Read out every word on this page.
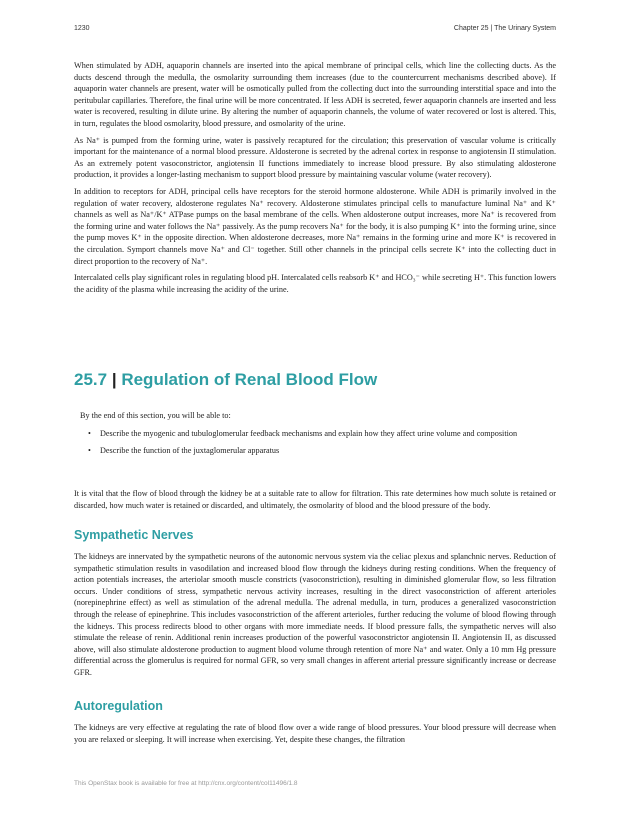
1230	Chapter 25 | The Urinary System

When stimulated by ADH, aquaporin channels are inserted into the apical membrane of principal cells, which line the collecting ducts. As the ducts descend through the medulla, the osmolarity surrounding them increases (due to the countercurrent mechanisms described above). If aquaporin water channels are present, water will be osmotically pulled from the collecting duct into the surrounding interstitial space and into the peritubular capillaries. Therefore, the final urine will be more concentrated. If less ADH is secreted, fewer aquaporin channels are inserted and less water is recovered, resulting in dilute urine. By altering the number of aquaporin channels, the volume of water recovered or lost is altered. This, in turn, regulates the blood osmolarity, blood pressure, and osmolarity of the urine.

As Na⁺ is pumped from the forming urine, water is passively recaptured for the circulation; this preservation of vascular volume is critically important for the maintenance of a normal blood pressure. Aldosterone is secreted by the adrenal cortex in response to angiotensin II stimulation. As an extremely potent vasoconstrictor, angiotensin II functions immediately to increase blood pressure. By also stimulating aldosterone production, it provides a longer-lasting mechanism to support blood pressure by maintaining vascular volume (water recovery).

In addition to receptors for ADH, principal cells have receptors for the steroid hormone aldosterone. While ADH is primarily involved in the regulation of water recovery, aldosterone regulates Na⁺ recovery. Aldosterone stimulates principal cells to manufacture luminal Na⁺ and K⁺ channels as well as Na⁺/K⁺ ATPase pumps on the basal membrane of the cells. When aldosterone output increases, more Na⁺ is recovered from the forming urine and water follows the Na⁺ passively. As the pump recovers Na⁺ for the body, it is also pumping K⁺ into the forming urine, since the pump moves K⁺ in the opposite direction. When aldosterone decreases, more Na⁺ remains in the forming urine and more K⁺ is recovered in the circulation. Symport channels move Na⁺ and Cl⁻ together. Still other channels in the principal cells secrete K⁺ into the collecting duct in direct proportion to the recovery of Na⁺.

Intercalated cells play significant roles in regulating blood pH. Intercalated cells reabsorb K⁺ and HCO₃⁻ while secreting H⁺. This function lowers the acidity of the plasma while increasing the acidity of the urine.

25.7 | Regulation of Renal Blood Flow
By the end of this section, you will be able to:
• Describe the myogenic and tubuloglomerular feedback mechanisms and explain how they affect urine volume and composition
• Describe the function of the juxtaglomerular apparatus

It is vital that the flow of blood through the kidney be at a suitable rate to allow for filtration. This rate determines how much solute is retained or discarded, how much water is retained or discarded, and ultimately, the osmolarity of blood and the blood pressure of the body.

Sympathetic Nerves

The kidneys are innervated by the sympathetic neurons of the autonomic nervous system via the celiac plexus and splanchnic nerves. Reduction of sympathetic stimulation results in vasodilation and increased blood flow through the kidneys during resting conditions. When the frequency of action potentials increases, the arteriolar smooth muscle constricts (vasoconstriction), resulting in diminished glomerular flow, so less filtration occurs. Under conditions of stress, sympathetic nervous activity increases, resulting in the direct vasoconstriction of afferent arterioles (norepinephrine effect) as well as stimulation of the adrenal medulla. The adrenal medulla, in turn, produces a generalized vasoconstriction through the release of epinephrine. This includes vasoconstriction of the afferent arterioles, further reducing the volume of blood flowing through the kidneys. This process redirects blood to other organs with more immediate needs. If blood pressure falls, the sympathetic nerves will also stimulate the release of renin. Additional renin increases production of the powerful vasoconstrictor angiotensin II. Angiotensin II, as discussed above, will also stimulate aldosterone production to augment blood volume through retention of more Na⁺ and water. Only a 10 mm Hg pressure differential across the glomerulus is required for normal GFR, so very small changes in afferent arterial pressure significantly increase or decrease GFR.

Autoregulation

The kidneys are very effective at regulating the rate of blood flow over a wide range of blood pressures. Your blood pressure will decrease when you are relaxed or sleeping. It will increase when exercising. Yet, despite these changes, the filtration

This OpenStax book is available for free at http://cnx.org/content/col11496/1.8
